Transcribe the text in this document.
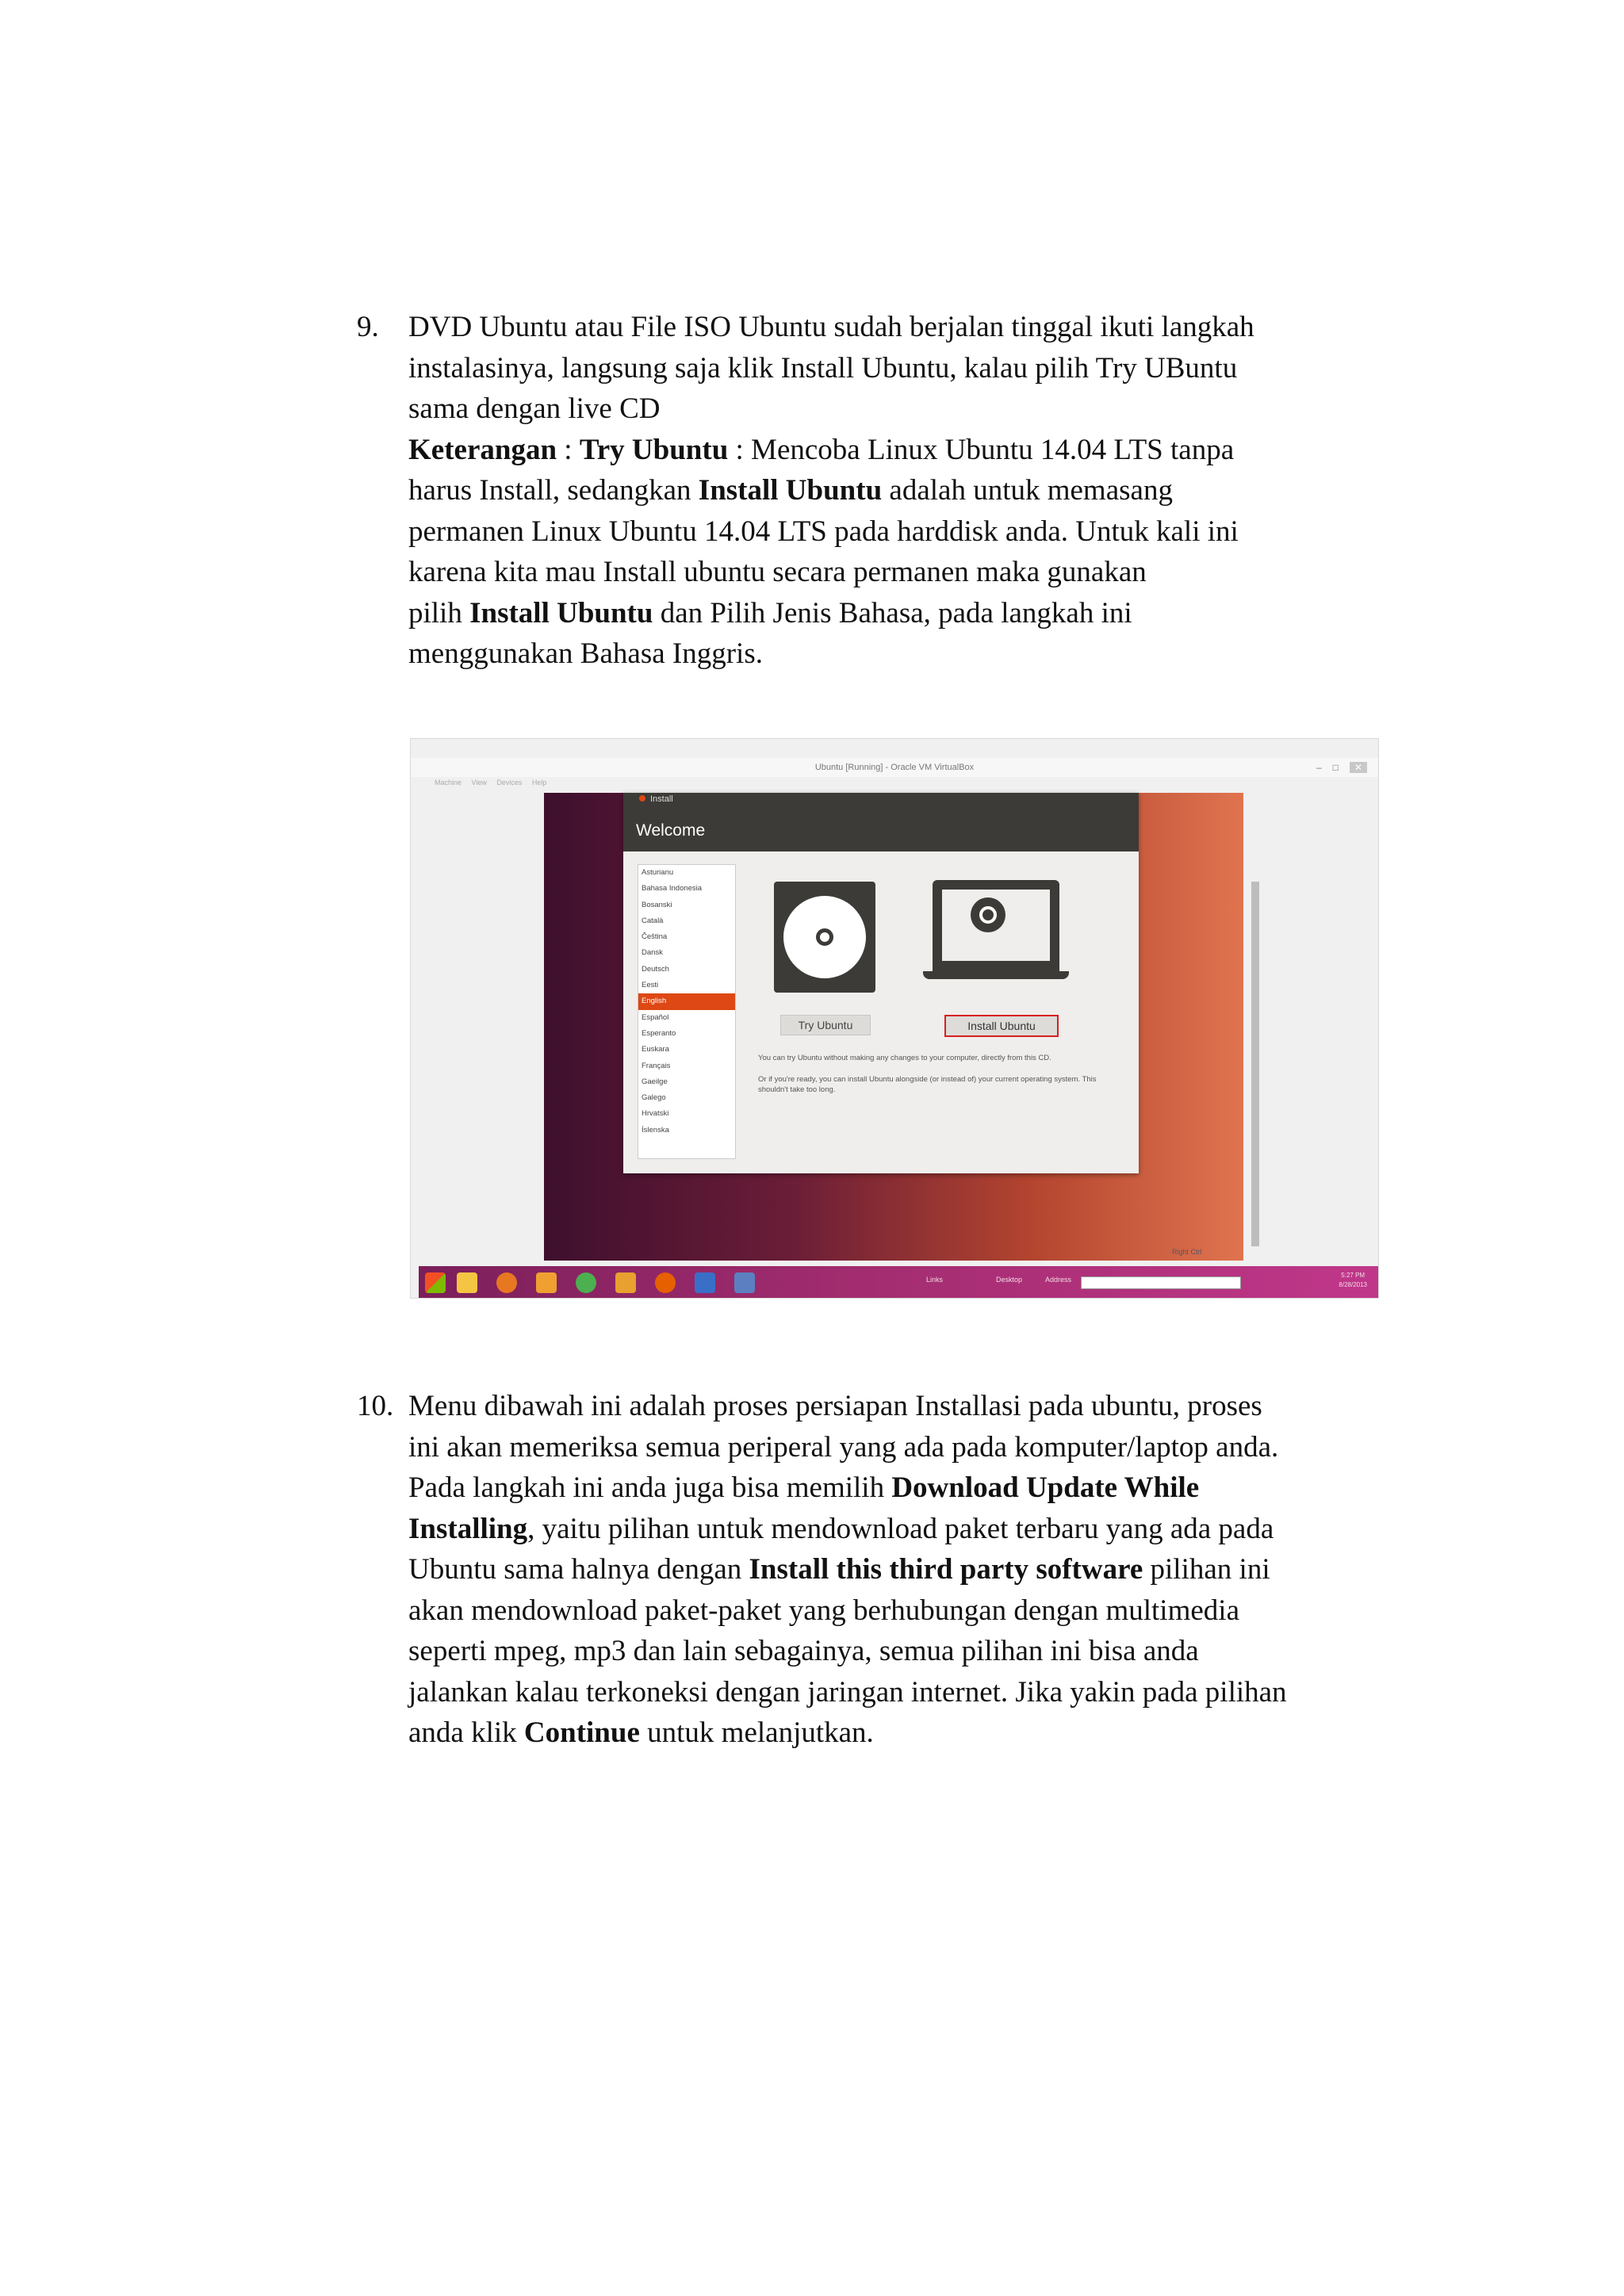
9. DVD Ubuntu atau File ISO Ubuntu sudah berjalan tinggal ikuti langkah
instalasinya, langsung saja klik Install Ubuntu, kalau pilih Try UBuntu
sama dengan live CD
Keterangan : Try Ubuntu : Mencoba Linux Ubuntu 14.04 LTS tanpa
harus Install, sedangkan Install Ubuntu adalah untuk memasang
permanen Linux Ubuntu 14.04 LTS pada harddisk anda. Untuk kali ini
karena kita mau Install ubuntu secara permanen maka gunakan
pilih Install Ubuntu dan Pilih Jenis Bahasa, pada langkah ini
menggunakan Bahasa Inggris.
Ubuntu [Running] - Oracle VM VirtualBox	–□ ✕
Machine View Devices Help
Install
Welcome
Asturianu
Bahasa Indonesia
Bosanski
Català
Čeština
Dansk
Deutsch
Eesti
English
Español
Esperanto
Euskara
Français
Gaeilge
Galego
Hrvatski
Íslenska
Try Ubuntu	Install Ubuntu

You can try Ubuntu without making any changes to your computer, directly from this CD.

Or if you're ready, you can install Ubuntu alongside (or instead of) your current operating system. This shouldn't take too long.

Right Ctrl
Links	Desktop	Address
5:27 PM
8/28/2013
10. Menu dibawah ini adalah proses persiapan Installasi pada ubuntu, proses
ini akan memeriksa semua periperal yang ada pada komputer/laptop anda.
Pada langkah ini anda juga bisa memilih Download Update While
Installing, yaitu pilihan untuk mendownload paket terbaru yang ada pada
Ubuntu sama halnya dengan Install this third party software pilihan ini
akan mendownload paket-paket yang berhubungan dengan multimedia
seperti mpeg, mp3 dan lain sebagainya, semua pilihan ini bisa anda
jalankan kalau terkoneksi dengan jaringan internet. Jika yakin pada pilihan
anda klik Continue untuk melanjutkan.
